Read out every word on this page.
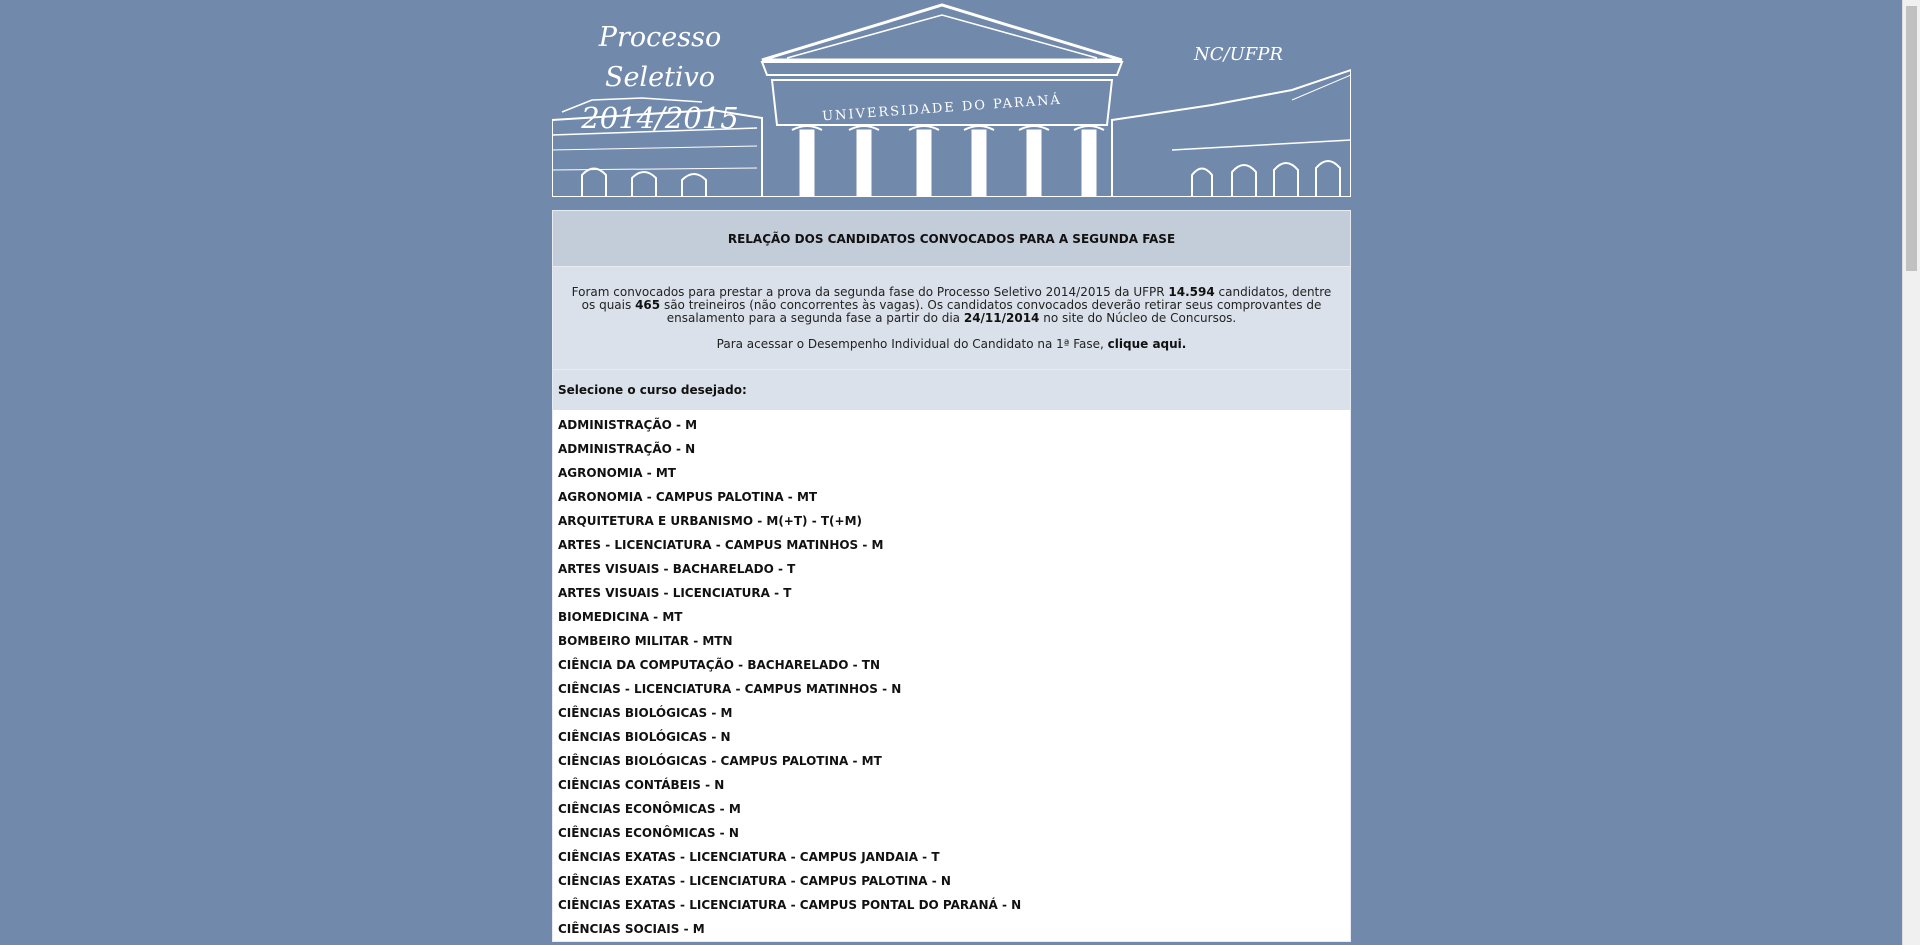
UNIVERSIDADE DO PARANÁ
Processo Seletivo
2014/2015
NC/UFPR
RELAÇÃO DOS CANDIDATOS CONVOCADOS PARA A SEGUNDA FASE

Foram convocados para prestar a prova da segunda fase do Processo Seletivo 2014/2015 da UFPR 14.594 candidatos, dentre os quais 465 são treineiros (não concorrentes às vagas). Os candidatos convocados deverão retirar seus comprovantes de ensalamento para a segunda fase a partir do dia 24/11/2014 no site do Núcleo de Concursos.

Para acessar o Desempenho Individual do Candidato na 1ª Fase, clique aqui.

Selecione o curso desejado:
ADMINISTRAÇÃO - M
ADMINISTRAÇÃO - N
AGRONOMIA - MT
AGRONOMIA - CAMPUS PALOTINA - MT
ARQUITETURA E URBANISMO - M(+T) - T(+M)
ARTES - LICENCIATURA - CAMPUS MATINHOS - M
ARTES VISUAIS - BACHARELADO - T
ARTES VISUAIS - LICENCIATURA - T
BIOMEDICINA - MT
BOMBEIRO MILITAR - MTN
CIÊNCIA DA COMPUTAÇÃO - BACHARELADO - TN
CIÊNCIAS - LICENCIATURA - CAMPUS MATINHOS - N
CIÊNCIAS BIOLÓGICAS - M
CIÊNCIAS BIOLÓGICAS - N
CIÊNCIAS BIOLÓGICAS - CAMPUS PALOTINA - MT
CIÊNCIAS CONTÁBEIS - N
CIÊNCIAS ECONÔMICAS - M
CIÊNCIAS ECONÔMICAS - N
CIÊNCIAS EXATAS - LICENCIATURA - CAMPUS JANDAIA - T
CIÊNCIAS EXATAS - LICENCIATURA - CAMPUS PALOTINA - N
CIÊNCIAS EXATAS - LICENCIATURA - CAMPUS PONTAL DO PARANÁ - N
CIÊNCIAS SOCIAIS - M
